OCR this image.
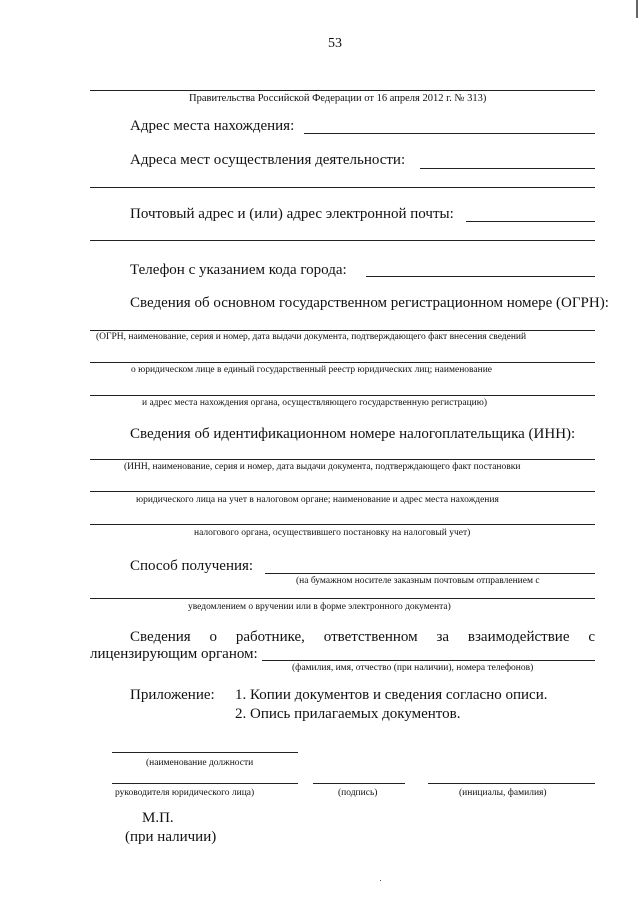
53
Правительства Российской Федерации от 16 апреля 2012 г. № 313)
Адрес места нахождения:
Адреса мест осуществления деятельности:
Почтовый адрес и (или) адрес электронной почты:
Телефон с указанием кода города:
Сведения об основном государственном регистрационном номере (ОГРН):
(ОГРН, наименование, серия и номер, дата выдачи документа, подтверждающего факт внесения сведений
о юридическом лице в единый государственный реестр юридических лиц; наименование
и адрес места нахождения органа, осуществляющего государственную регистрацию)
Сведения об идентификационном номере налогоплательщика (ИНН):
(ИНН, наименование, серия и номер, дата выдачи документа, подтверждающего факт постановки
юридического лица на учет в налоговом органе; наименование и адрес места нахождения
налогового органа, осуществившего постановку на налоговый учет)
Способ получения:
(на бумажном носителе заказным почтовым отправлением с
уведомлением о вручении или в форме электронного документа)
Сведения о работнике, ответственном за взаимодействие с
лицензирующим органом:
(фамилия, имя, отчество (при наличии), номера телефонов)
Приложение: 1. Копии документов и сведения согласно описи.
2. Опись прилагаемых документов.
(наименование должности
руководителя юридического лица)	(подпись)	(инициалы, фамилия)
М.П.
(при наличии)
